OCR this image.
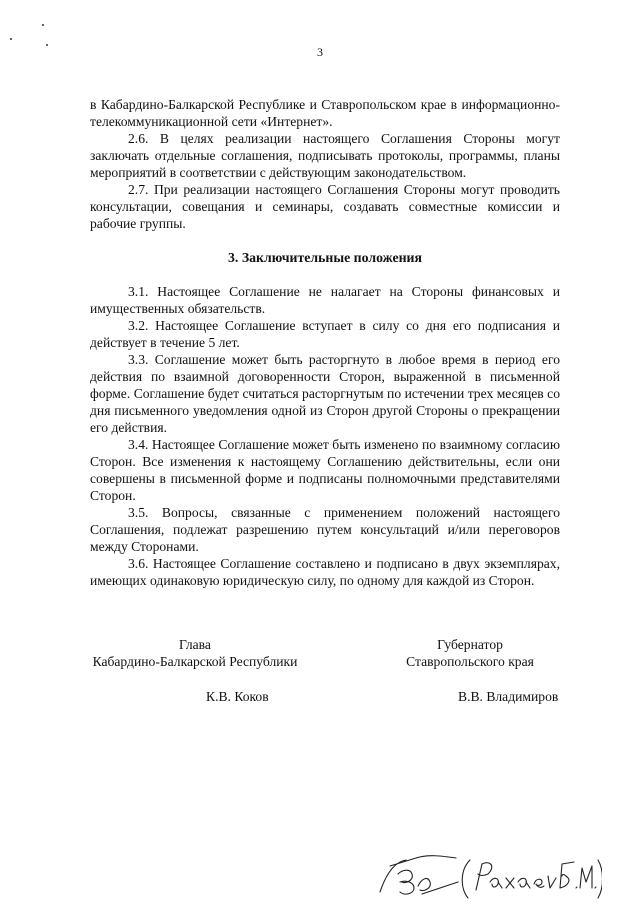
3

в Кабардино-Балкарской Республике и Ставропольском крае в информационно-телекоммуникационной сети «Интернет».

2.6. В целях реализации настоящего Соглашения Стороны могут заключать отдельные соглашения, подписывать протоколы, программы, планы мероприятий в соответствии с действующим законодательством.

2.7. При реализации настоящего Соглашения Стороны могут проводить консультации, совещания и семинары, создавать совместные комиссии и рабочие группы.

3. Заключительные положения

3.1. Настоящее Соглашение не налагает на Стороны финансовых и имущественных обязательств.

3.2. Настоящее Соглашение вступает в силу со дня его подписания и действует в течение 5 лет.

3.3. Соглашение может быть расторгнуто в любое время в период его действия по взаимной договоренности Сторон, выраженной в письменной форме. Соглашение будет считаться расторгнутым по истечении трех месяцев со дня письменного уведомления одной из Сторон другой Стороны о прекращении его действия.

3.4. Настоящее Соглашение может быть изменено по взаимному согласию Сторон. Все изменения к настоящему Соглашению действительны, если они совершены в письменной форме и подписаны полномочными представителями Сторон.

3.5. Вопросы, связанные с применением положений настоящего Соглашения, подлежат разрешению путем консультаций и/или переговоров между Сторонами.

3.6. Настоящее Соглашение составлено и подписано в двух экземплярах, имеющих одинаковую юридическую силу, по одному для каждой из Сторон.

Глава
Кабардино-Балкарской Республики
Губернатор
Ставропольского края
К.В. Коков	В.В. Владимиров
(Рахаев Б.М.)
